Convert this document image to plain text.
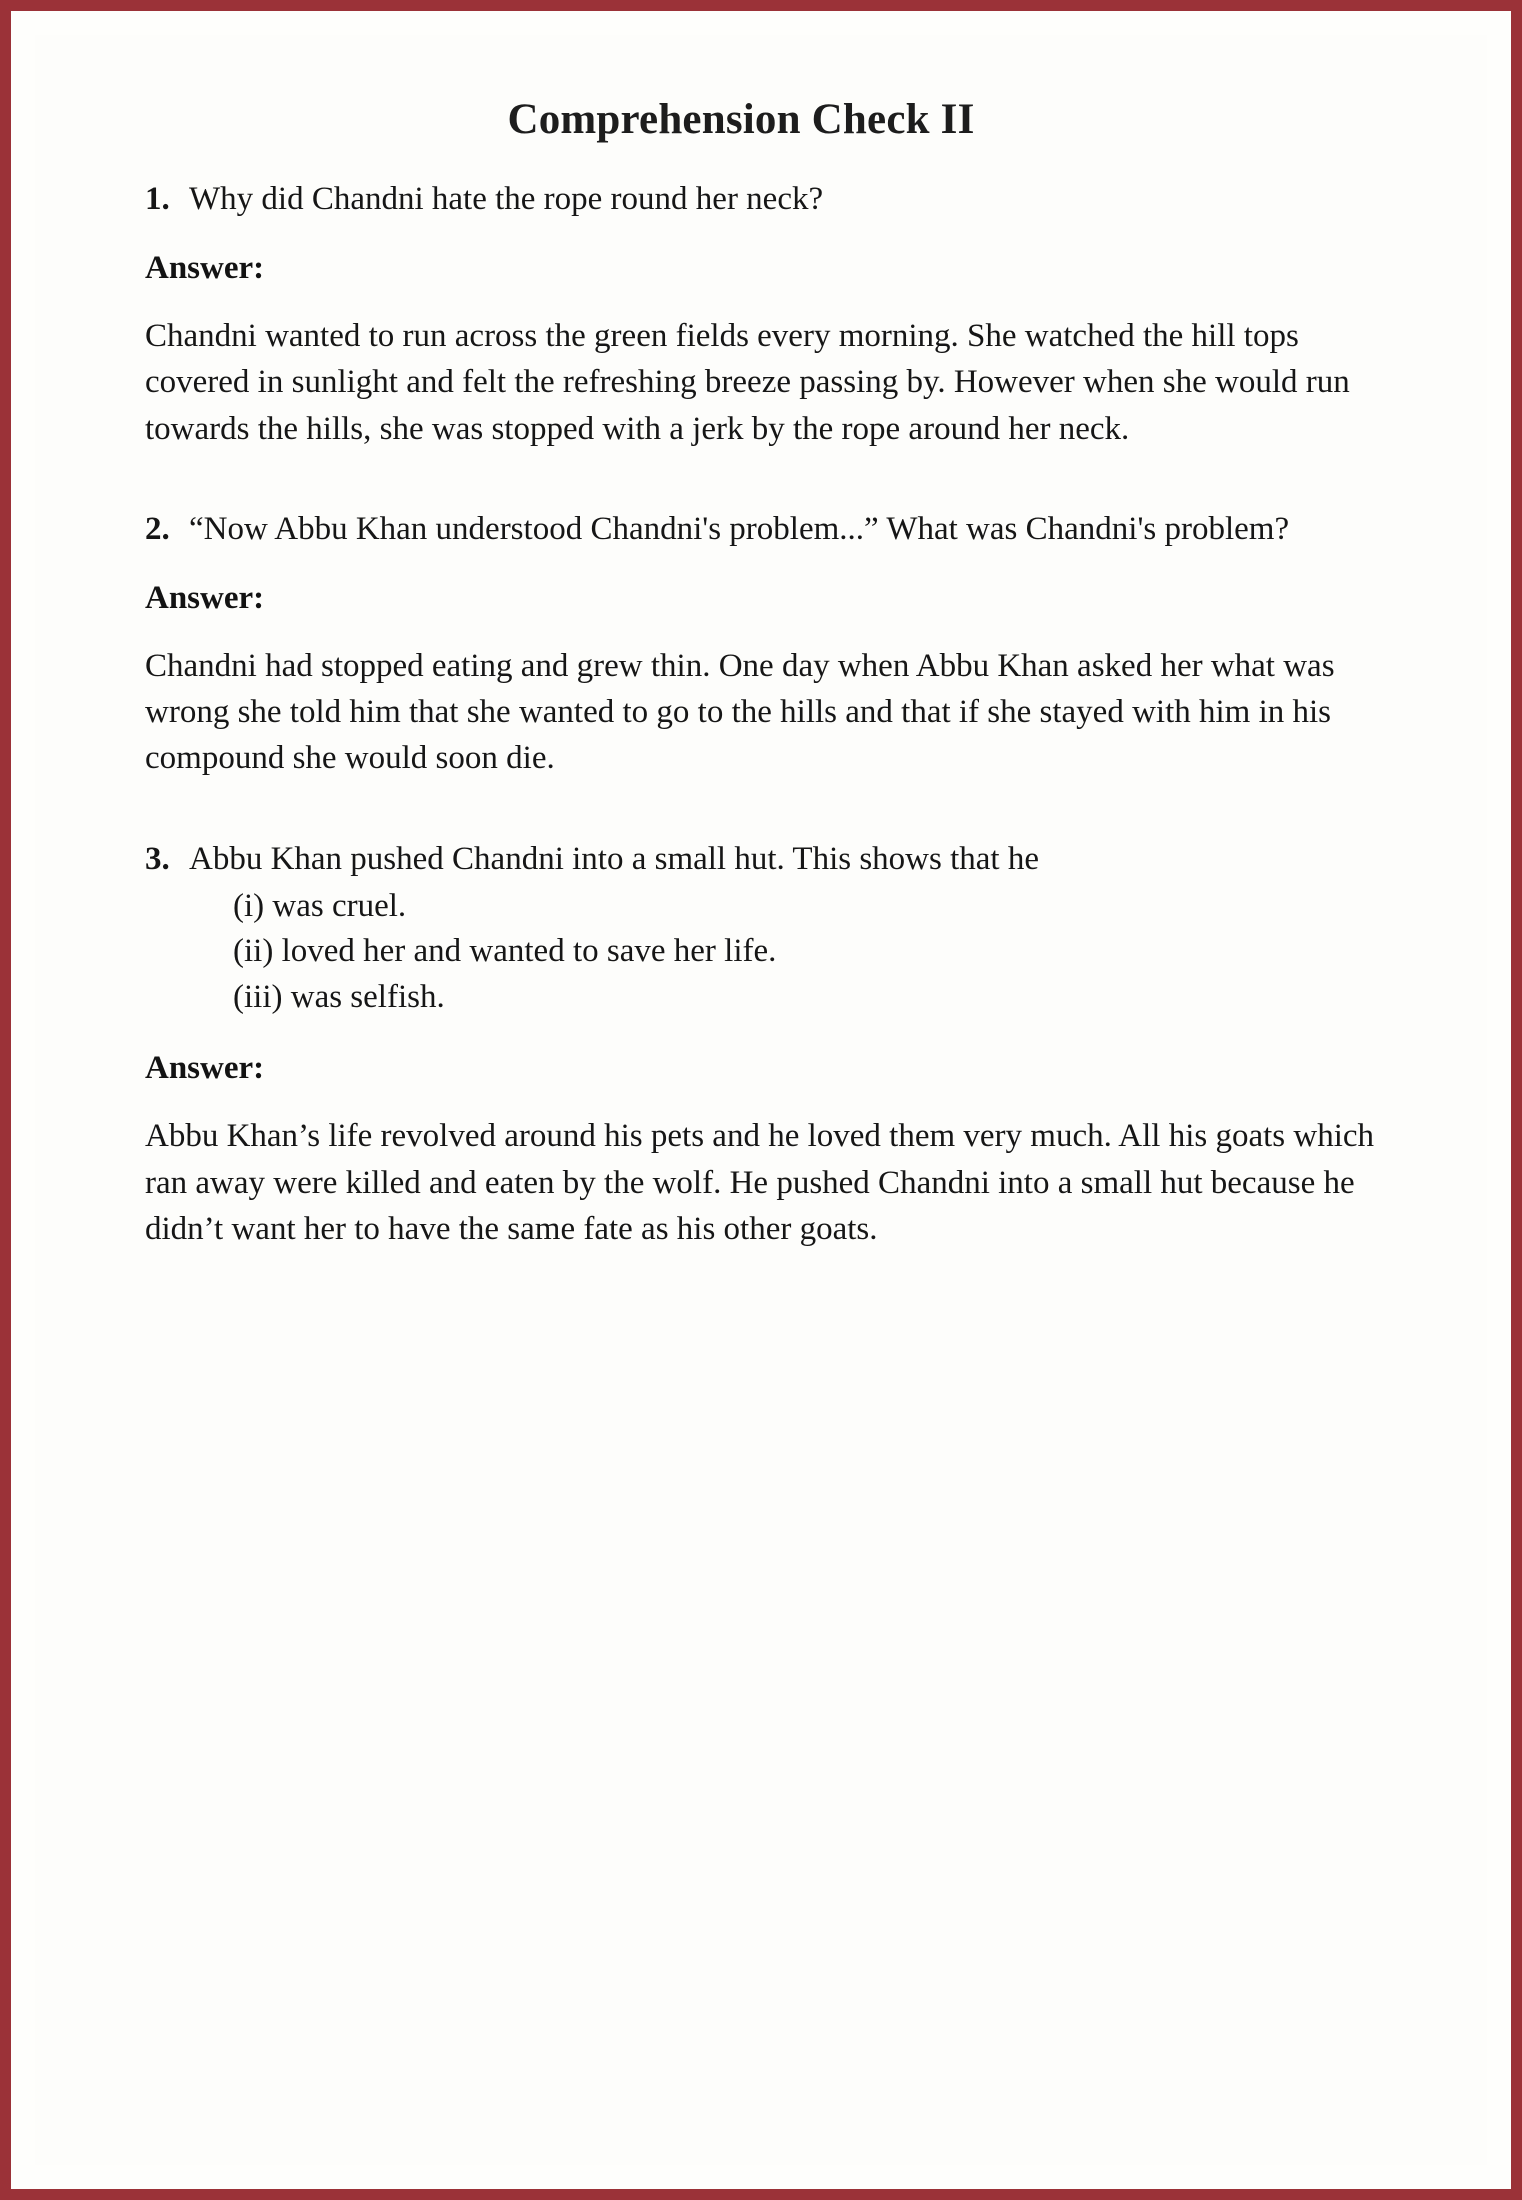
Comprehension Check II
1. Why did Chandni hate the rope round her neck?
Answer:

Chandni wanted to run across the green fields every morning. She watched the hill tops covered in sunlight and felt the refreshing breeze passing by. However when she would run towards the hills, she was stopped with a jerk by the rope around her neck.

2. “Now Abbu Khan understood Chandni's problem...” What was Chandni's problem?
Answer:

Chandni had stopped eating and grew thin. One day when Abbu Khan asked her what was wrong she told him that she wanted to go to the hills and that if she stayed with him in his compound she would soon die.

3. Abbu Khan pushed Chandni into a small hut. This shows that he
(i) was cruel.
(ii) loved her and wanted to save her life.
(iii) was selfish.
Answer:

Abbu Khan’s life revolved around his pets and he loved them very much. All his goats which ran away were killed and eaten by the wolf. He pushed Chandni into a small hut because he didn’t want her to have the same fate as his other goats.
